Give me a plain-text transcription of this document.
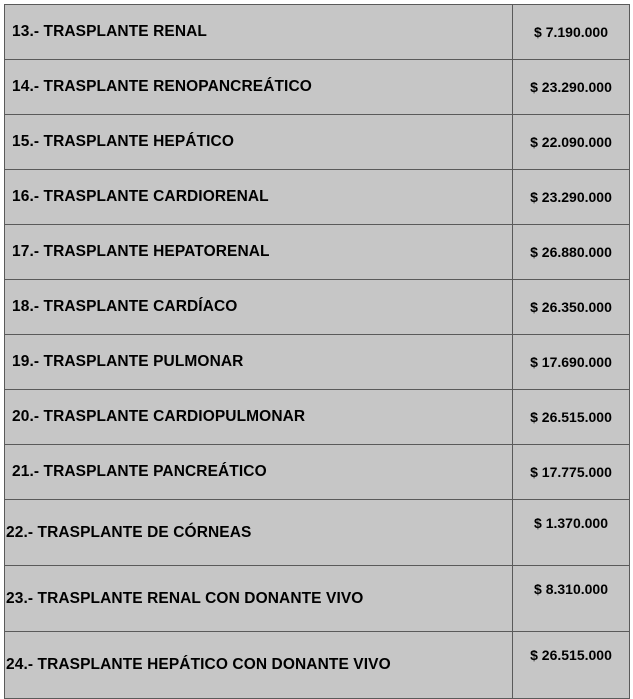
13.- TRASPLANTE RENAL	$ 7.190.000
14.- TRASPLANTE RENOPANCREÁTICO	$ 23.290.000
15.- TRASPLANTE HEPÁTICO	$ 22.090.000
16.- TRASPLANTE CARDIORENAL	$ 23.290.000
17.- TRASPLANTE HEPATORENAL	$ 26.880.000
18.- TRASPLANTE CARDÍACO	$ 26.350.000
19.- TRASPLANTE PULMONAR	$ 17.690.000
20.- TRASPLANTE CARDIOPULMONAR	$ 26.515.000
21.- TRASPLANTE PANCREÁTICO	$ 17.775.000
22.- TRASPLANTE DE CÓRNEAS	$ 1.370.000
23.- TRASPLANTE RENAL CON DONANTE VIVO	$ 8.310.000
24.- TRASPLANTE HEPÁTICO CON DONANTE VIVO	$ 26.515.000
